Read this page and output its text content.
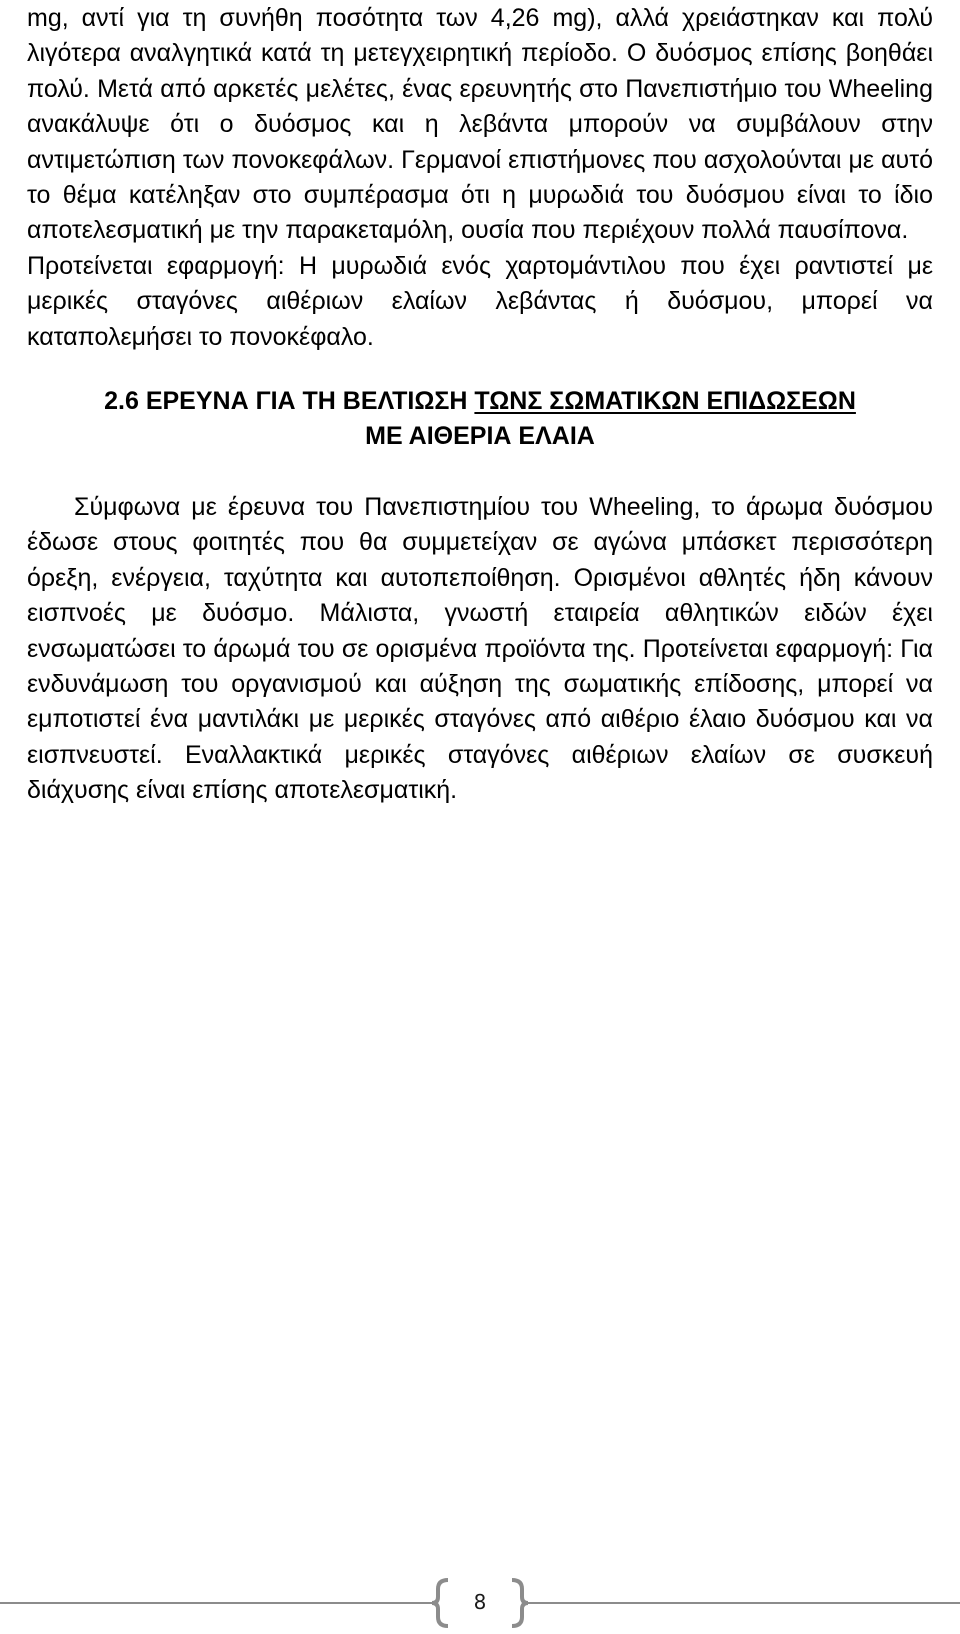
mg, αντί για τη συνήθη ποσότητα των 4,26 mg), αλλά χρειάστηκαν και πολύ λιγότερα αναλγητικά κατά τη μετεγχειρητική περίοδο. Ο δυόσμος επίσης βοηθάει πολύ. Μετά από αρκετές μελέτες, ένας ερευνητής στο Πανεπιστήμιο του Wheeling ανακάλυψε ότι ο δυόσμος και η λεβάντα μπορούν να συμβάλουν στην αντιμετώπιση των πονοκεφάλων. Γερμανοί επιστήμονες που ασχολούνται με αυτό το θέμα κατέληξαν στο συμπέρασμα ότι η μυρωδιά του δυόσμου είναι το ίδιο αποτελεσματική με την παρακεταμόλη, ουσία που περιέχουν πολλά παυσίπονα.

Προτείνεται εφαρμογή: Η μυρωδιά ενός χαρτομάντιλου που έχει ραντιστεί με μερικές σταγόνες αιθέριων ελαίων λεβάντας ή δυόσμου, μπορεί να καταπολεμήσει το πονοκέφαλο.

2.6 ΕΡΕΥΝΑ ΓΙΑ ΤΗ ΒΕΛΤΙΩΣΗ ΤΩΝΣ ΣΩΜΑΤΙΚΩΝ ΕΠΙΔΩΣΕΩΝ
ΜΕ ΑΙΘΕΡΙΑ ΕΛΑΙΑ

Σύμφωνα με έρευνα του Πανεπιστημίου του Wheeling, το άρωμα δυόσμου έδωσε στους φοιτητές που θα συμμετείχαν σε αγώνα μπάσκετ περισσότερη όρεξη, ενέργεια, ταχύτητα και αυτοπεποίθηση. Ορισμένοι αθλητές ήδη κάνουν εισπνοές με δυόσμο. Μάλιστα, γνωστή εταιρεία αθλητικών ειδών έχει ενσωματώσει το άρωμά του σε ορισμένα προϊόντα της. Προτείνεται εφαρμογή: Για ενδυνάμωση του οργανισμού και αύξηση της σωματικής επίδοσης, μπορεί να εμποτιστεί ένα μαντιλάκι με μερικές σταγόνες από αιθέριο έλαιο δυόσμου και να εισπνευστεί. Εναλλακτικά μερικές σταγόνες αιθέριων ελαίων σε συσκευή διάχυσης είναι επίσης αποτελεσματική.

8
